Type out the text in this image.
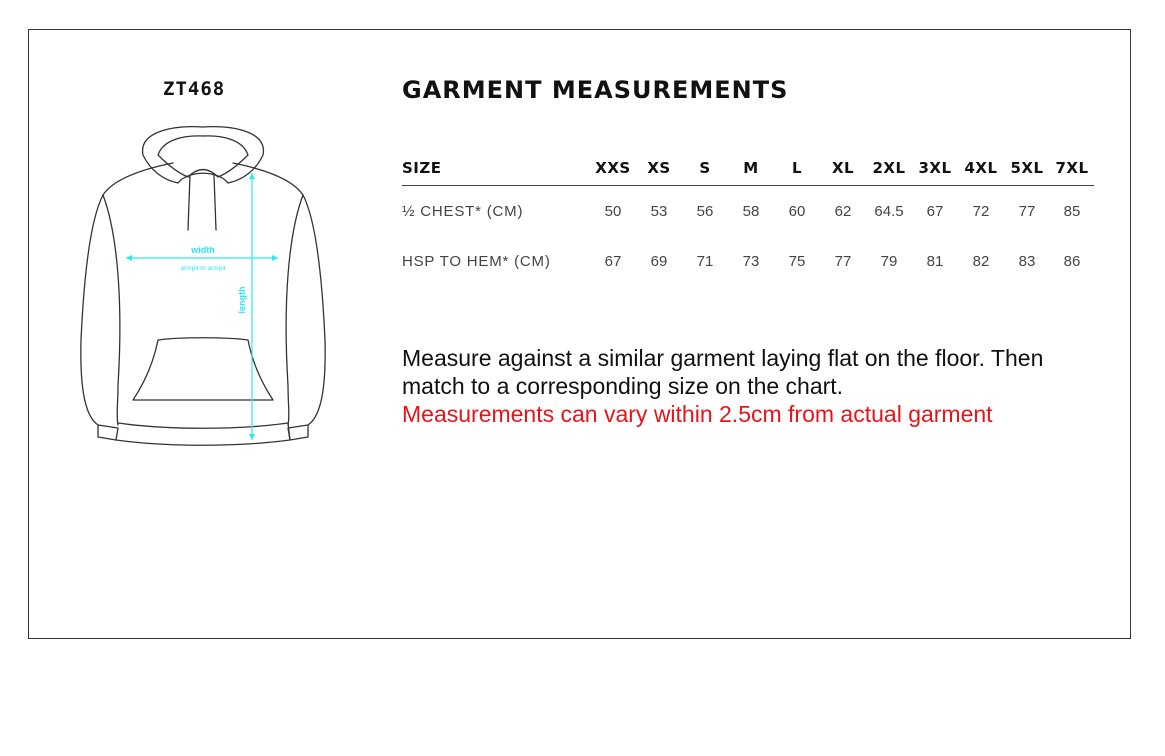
ZT468
width
armpit to armpit
length
GARMENT MEASUREMENTS
SIZE	XXS	XS	S	M	L	XL	2XL	3XL	4XL	5XL	7XL
½ CHEST* (CM)	50	53	56	58	60	62	64.5	67	72	77	85
HSP TO HEM* (CM)	67	69	71	73	75	77	79	81	82	83	86
Measure against a similar garment laying flat on the floor. Then
match to a corresponding size on the chart.
Measurements can vary within 2.5cm from actual garment
